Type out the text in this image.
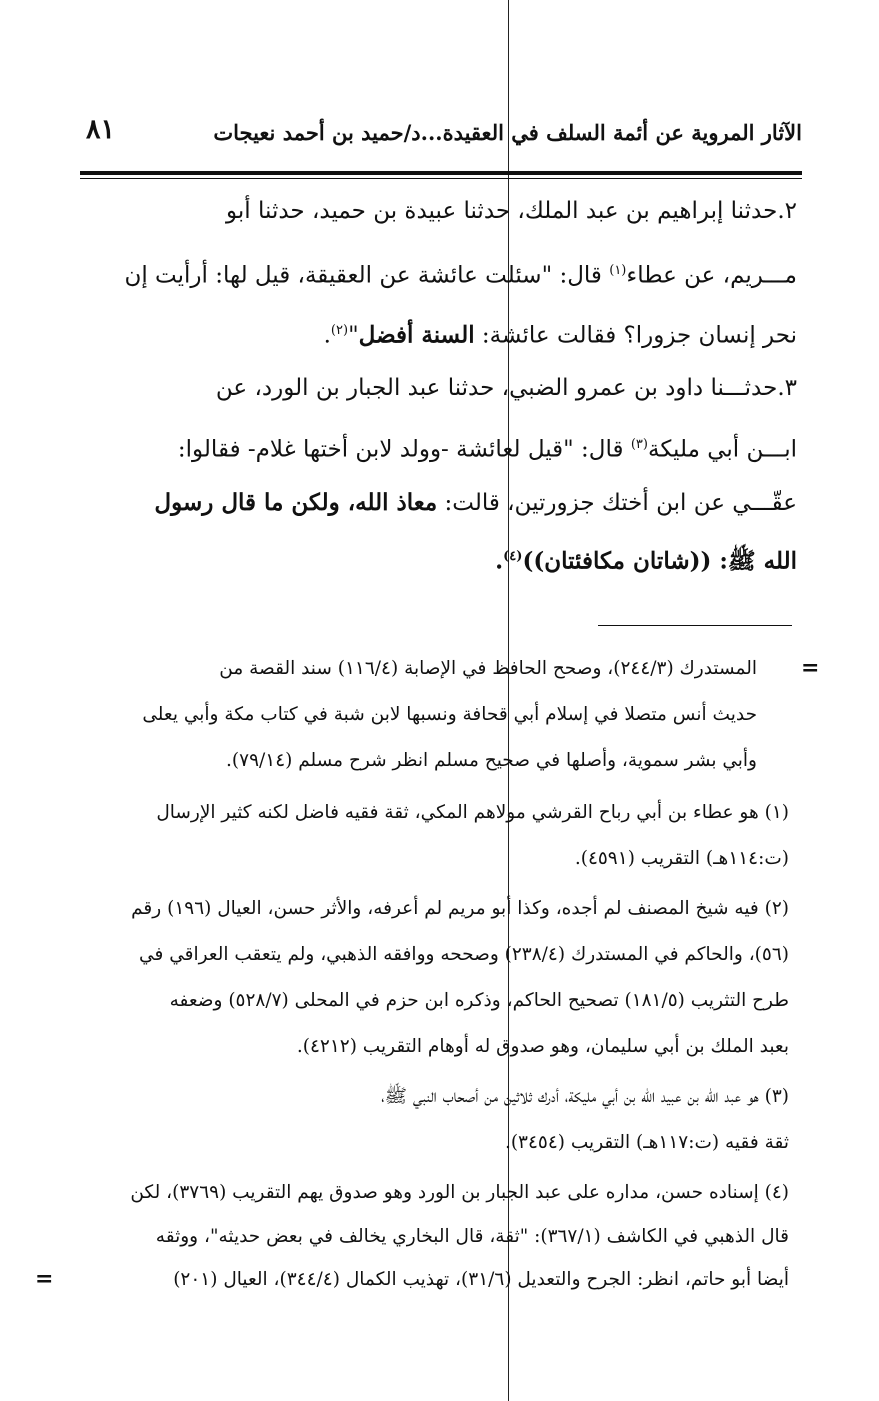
٨١	الآثار المروية عن أئمة السلف في العقيدة...د/حميد بن أحمد نعيجات
٢.حدثنا إبراهيم بن عبد الملك، حدثنا عبيدة بن حميد، حدثنا أبو
مـــريم، عن عطاء$^{(١)}$ قال: "سئلت عائشة عن العقيقة، قيل لها: أرأيت إن
نحر إنسان جزورا؟ فقالت عائشة: السنة أفضل"$^{(٢)}$.
٣.حدثـــنا داود بن عمرو الضبي، حدثنا عبد الجبار بن الورد، عن
ابـــن أبي مليكة$^{(٣)}$ قال: "قيل لعائشة -وولد لابن أختها غلام- فقالوا:
عقّـــي عن ابن أختك جزورتين، قالت: معاذ الله، ولكن ما قال رسول
الله ﷺ: ((شاتان مكافئتان))$^{(٤)}$.
=
المستدرك (٢٤٤/٣)، وصحح الحافظ في الإصابة (١١٦/٤) سند القصة من
حديث أنس متصلا في إسلام أبي قحافة ونسبها لابن شبة في كتاب مكة وأبي يعلى
وأبي بشر سموية، وأصلها في صحيح مسلم انظر شرح مسلم (٧٩/١٤).
(١) هو عطاء بن أبي رباح القرشي مولاهم المكي، ثقة فقيه فاضل لكنه كثير الإرسال
(ت:١١٤هـ) التقريب (٤٥٩١).
(٢) فيه شيخ المصنف لم أجده، وكذا أبو مريم لم أعرفه، والأثر حسن، العيال (١٩٦) رقم
(٥٦)، والحاكم في المستدرك (٢٣٨/٤) وصححه ووافقه الذهبي، ولم يتعقب العراقي في
طرح التثريب (١٨١/٥) تصحيح الحاكم، وذكره ابن حزم في المحلى (٥٢٨/٧) وضعفه
بعبد الملك بن أبي سليمان، وهو صدوق له أوهام التقريب (٤٢١٢).
(٣) هو عبد الله بن عبيد الله بن أبي مليكة، أدرك ثلاثين من أصحاب النبي ﷺ،
ثقة فقيه (ت:١١٧هـ) التقريب (٣٤٥٤).
(٤) إسناده حسن، مداره على عبد الجبار بن الورد وهو صدوق يهم التقريب (٣٧٦٩)، لكن
قال الذهبي في الكاشف (٣٦٧/١): "ثقة، قال البخاري يخالف في بعض حديثه"، ووثقه
أيضا أبو حاتم، انظر: الجرح والتعديل (٣١/٦)، تهذيب الكمال (٣٤٤/٤)، العيال (٢٠١)
=
